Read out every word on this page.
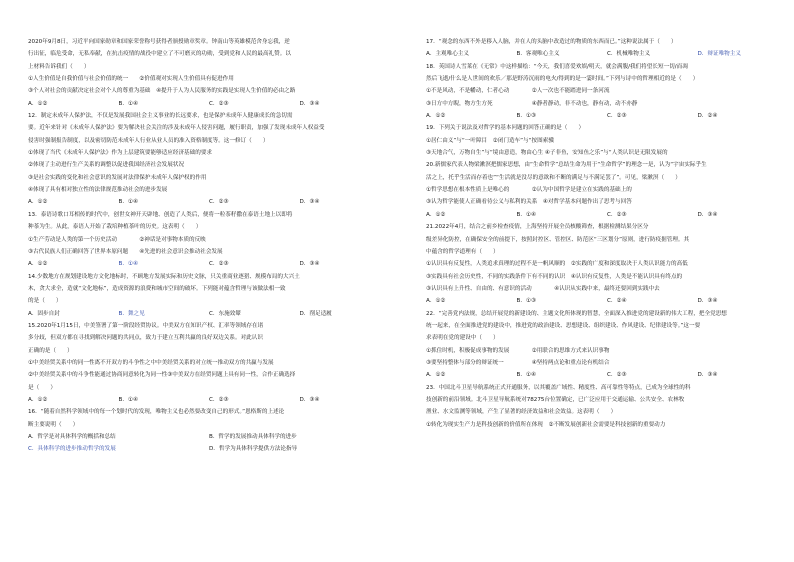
2020年9月8日，习近平向国家勋章和国家荣誉称号获得者颁授勋章奖章。钟南山等英雄模范舍身忘我，逆
行出征，临危受命，无私奉献，在抗击疫情的战役中建立了不可磨灭的功勋，受到党和人民的最高礼赞。以
上材料告诉我们（　　）
①人生价值是自我价值与社会价值的统一　　②价值观对实现人生价值具有促进作用
③个人对社会的贡献决定社会对个人的尊重为基础　④提升于人为人民服务的实践是实现人生价值的必由之路
A．①②	B．①④	C．②③	D．③④
12．制定未成年人保护法，不仅是发展我国社会主义事业的长远要求，也是保护未成年人健康成长的急切需
要。近年来针对《未成年人保护法》要为解决社会关注的涉及未成年人侵害问题，履行职责，加强了发现未成年人权益受
侵害时强制报告制度，以及密切防范未成年人行业从业人员的准入资格制度等。这一修订（　　）
①体现了当代《未成年人保护法》作为上层建筑要能够适应经济基础的要求
②体现了主动进行生产关系的调整以促进我国经济社会发展状况
③是社会实践的变化和社会意识的发展对法律保护未成年人保护权的作用
④体现了具有相对独立性的法律规范推动社会的进步发展
A．①②	B．①④	C．②③	D．③④
13．泰语诗歌口耳相传的时代中，创世女神开天辟地、创造了人类后，便将一粒茶籽撒在泰语土地上以即将
种茶为生。从此，泰语人开始了栽培种植茶叶的历史。这表明（　　）
①生产劳动是人类的第一个历史活动　　　　②神话是对事物本质的反映
③古代民族人们正确回答了世界本原问题　　④先进的社会意识会推动社会发展
A．①②	B．①④	C．②③	D．③④
14.少数地方在规划建设地方文化地标时，不顾地方发展实际和历史文脉，只关重商业逐猎、规模布局的大兴土
木，贪大求全，造就“文化地标”，造成资源的浪费和城市空间的破坏。下列能对蕴含哲理与该做法相一致
的是（　　）
A．固步自封	B．舞之见	C．东施效颦	D．削足适履
15.2020年1月15日，中美签署了第一阶段经贸协议。中美双方在知识产权、汇率等领域存在诸
多分歧，但双方都在寻找到解决问题的共同点，致力于建立互利共赢的良好双边关系。对此认识
正确的是（　　）
①中美经贸关系中的同一性离不开双方的斗争性之中中美经贸关系的对立统一推动双方的共赢与发展
②中美经贸关系中的斗争性能通过协商同意转化为同一性③中美双方在经贸问题上具有同一性，合作正确选择
是（　　）
A．①②	B．①④	C．②③	D．③④
16．“随着自然科学领域中的每一个划时代的发现，唯物主义也必然要改变自己的形式。”恩格斯的上述论
断主要说明（　　）
A．哲学是对具体科学的概括和总结	B．哲学的发展推动具体科学的进步
C．具体科学的进步推动哲学的发展	D．哲学为具体科学提供方法论指导
17．“观念的东西不外是移入人脑，并在人的头脑中改造过的物质的东西而已。”这种说法属于（　　）
A．主观唯心主义	B．客观唯心主义	C．机械唯物主义	D．辩证唯物主义
18．英国诗人雪莱在《无常》中这样描绘：“今天，我们喜爱欢娱/明天，就会满腹/我们将望长短一切/而凋
然后飞逝/什么是人世间的欢乐／那是野涛沉雨的电火/得到的是一霎时间。”下列与诗中的哲理相近的是（　　）
①不是风动，不是幡动，仁者心动　　　　②人一次也不能踏进同一条河流
③日方中方睨，物方生方死　　　　　　　④静者静动，非不动也，静有动，动不亦静
A．①②	B．①③	C．②③	D．②④
19．下列关于说法及对哲学的基本问题的回答正确的是（　　）
①居仁由义”与“一叶障目　②闭门造车”与“按图索骥
③天地合气，万物自生”与“境由意造，物由心生 ④子非鱼，安知鱼之乐”与“人类认识是无限发展的
20.新儒家代表人物梁漱溟把儒家思想，由“生命哲学”总结生命为用于“生命哲学”的理念一是，认为“宇宙实际乎生
活之上，托乎生活而存着也”“生活就是没尽的意欲和不断的满足与不满足罢了”。可见，梁漱溟（　　）
①哲学思想在根本性质上是唯心的　　　　②认为中国哲学是建立在实践的基础上的
③认为哲学能使人正确看待公义与私利的关系　④对哲学基本问题作出了思考与回答
A．①②	B．①④	C．②③	D．③④
21.2022年4月，结合之前乡检查疫情，上海坚持开展全员核酸筛查，根据检测结果分区分
级差异化防控，在确保安全的前提下，按照封控区、管控区、防范区“三区划分”原则，进行防疫据管理。其
中蕴含的哲学道理有（　　）
①认识具有反复性，人类追求真理的过程不是一帆风顺的　②实践的广度和深度取决于人类认识能力的高低
③实践具有社会历史性，不同的实践条件下有不同的认识　④认识有反复性，人类是不能认识具有终点的
③认识具有上升性、自由的、有意识的活动　　　　④认识从实践中来，最终还要回到实践中去
A．①②	B．①③	C．②④	D．③④
22．“完善党内法规，总结开展党的新建设的、主题文化所体现的智慧，全面深入推进党的建设新的伟大工程，把全党思想
统一起来，在全面推进党的建设中，推进党的政治建设、思想建设、组织建设、作风建设、纪律建设等。”这一要
求表明在党的建设中（　　）
①抓住时机，积极促成事物的发展　　　　②用联合的思维方式来认识事物
③要坚持整体与部分的辩证统一　　　　　④坚持两点论和重点论有机结合
A．①②	B．①④	C．②③	D．③④
23．中国北斗卫星导航系统正式开通服务，以其覆盖广域性、精度性、高可靠性等特点，已成为全球性的科
技创新的前沿领域。北斗卫星导航系统对78275台位置确定，已广泛应用于交通运输、公共安全、农林牧
渔业、水文监测等领域，产生了显著的经济效益和社会效益。这表明（　　）
①转化为现实生产力是科技创新的价值所在体现　②不断发展创新社会需要是科技创新的重要动力
